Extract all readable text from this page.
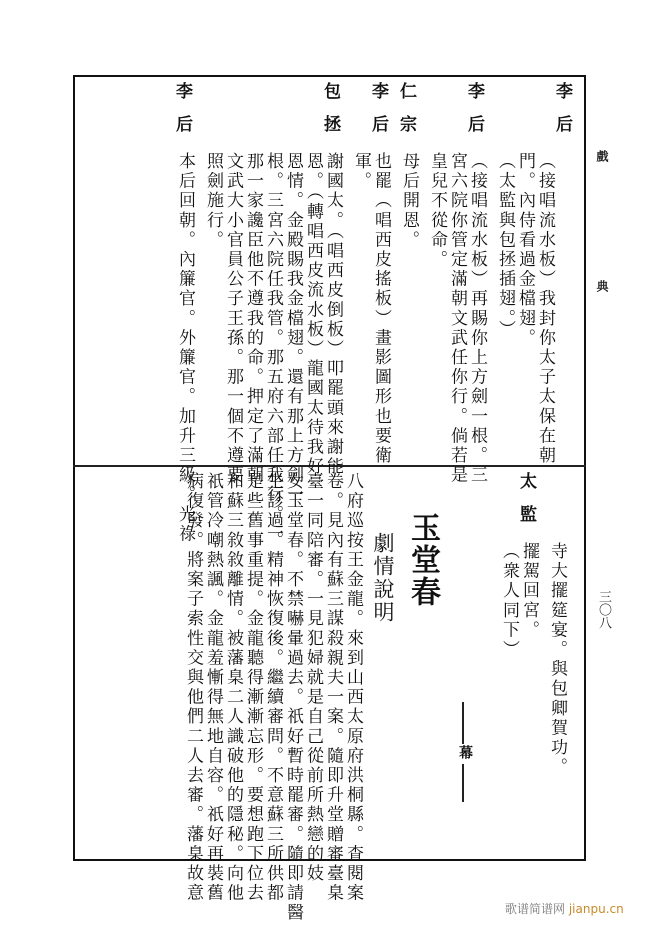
戲
典
三〇八
李后
（接唱流水板）我封你太子太保在朝
門。內侍看過金檔翅。
（太監與包拯插翅。）
李后
（接唱流水板）再賜你上方劍一根。三
宮六院你管定滿朝文武任你行。倘若是
皇兒不從命。
仁宗
母后開恩。
李后
也罷（唱西皮搖板）畫影圖形也要衛
軍。
包拯
謝國太。（唱西皮倒板）叩罷頭來謝能
恩。（轉唱西皮流水板）龍國太待我好
恩情。金殿賜我金檔翅。還有那上方劍一
根。三宮六院任我管。那五府六部任我行。一
那一家讒臣他不遵我的命。押定了滿朝
文武大小官員公子王孫。那一個不遵要
照劍施行。
李后
本后回朝。內簾官。外簾官。加升三級。光祿
寺大擺筵宴。與包卿賀功。
太監
擺駕回宮。
（衆人同下）
玉堂春
劇情說明
八府巡按王金龍。來到山西太原府洪桐縣。查閱案
卷。見內有蘇三謀殺親夫一案。隨即升堂贈審臺臬
臺一同陪審。一見犯婦就是自己從前所熱戀的妓
女玉堂春。不禁嚇暈過去。祇好暫時罷審。隨即請醫
生診過。精神恢復後。繼續審問。不意蘇三所供都
是些舊事重提。金龍聽得漸漸忘形。要想跑下位去
和蘇三敘敘離情。被藩臬二人識破他的隱秘。向他
祇管冷嘲熱諷。金龍羞慚得無地自容。祇好再裝舊
病復發。將案子索性交與他們二人去審。藩臬故意	幕
歌谱简谱网 jianpu.cn
